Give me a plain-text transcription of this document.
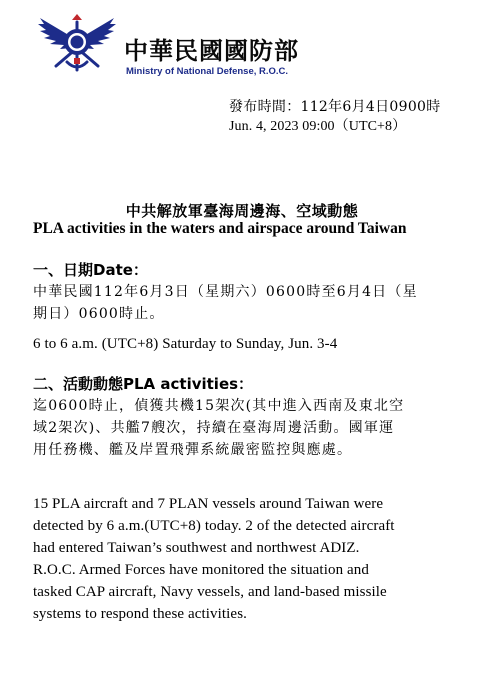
中華民國國防部
Ministry of National Defense, R.O.C.
發布時間：112年6月4日0900時
Jun. 4, 2023 09:00（UTC+8）
中共解放軍臺海周邊海、空域動態
PLA activities in the waters and airspace around Taiwan
一、日期Date：
中華民國112年6月3日（星期六）0600時至6月4日（星
期日）0600時止。
6 to 6 a.m. (UTC+8) Saturday to Sunday, Jun. 3-4
二、活動動態PLA activities：
迄0600時止，偵獲共機15架次(其中進入西南及東北空
域2架次)、共艦7艘次，持續在臺海周邊活動。國軍運
用任務機、艦及岸置飛彈系統嚴密監控與應處。
15 PLA aircraft and 7 PLAN vessels around Taiwan were
detected by 6 a.m.(UTC+8) today. 2 of the detected aircraft
had entered Taiwan’s southwest and northwest ADIZ.
R.O.C. Armed Forces have monitored the situation and
tasked CAP aircraft, Navy vessels, and land-based missile
systems to respond these activities.
